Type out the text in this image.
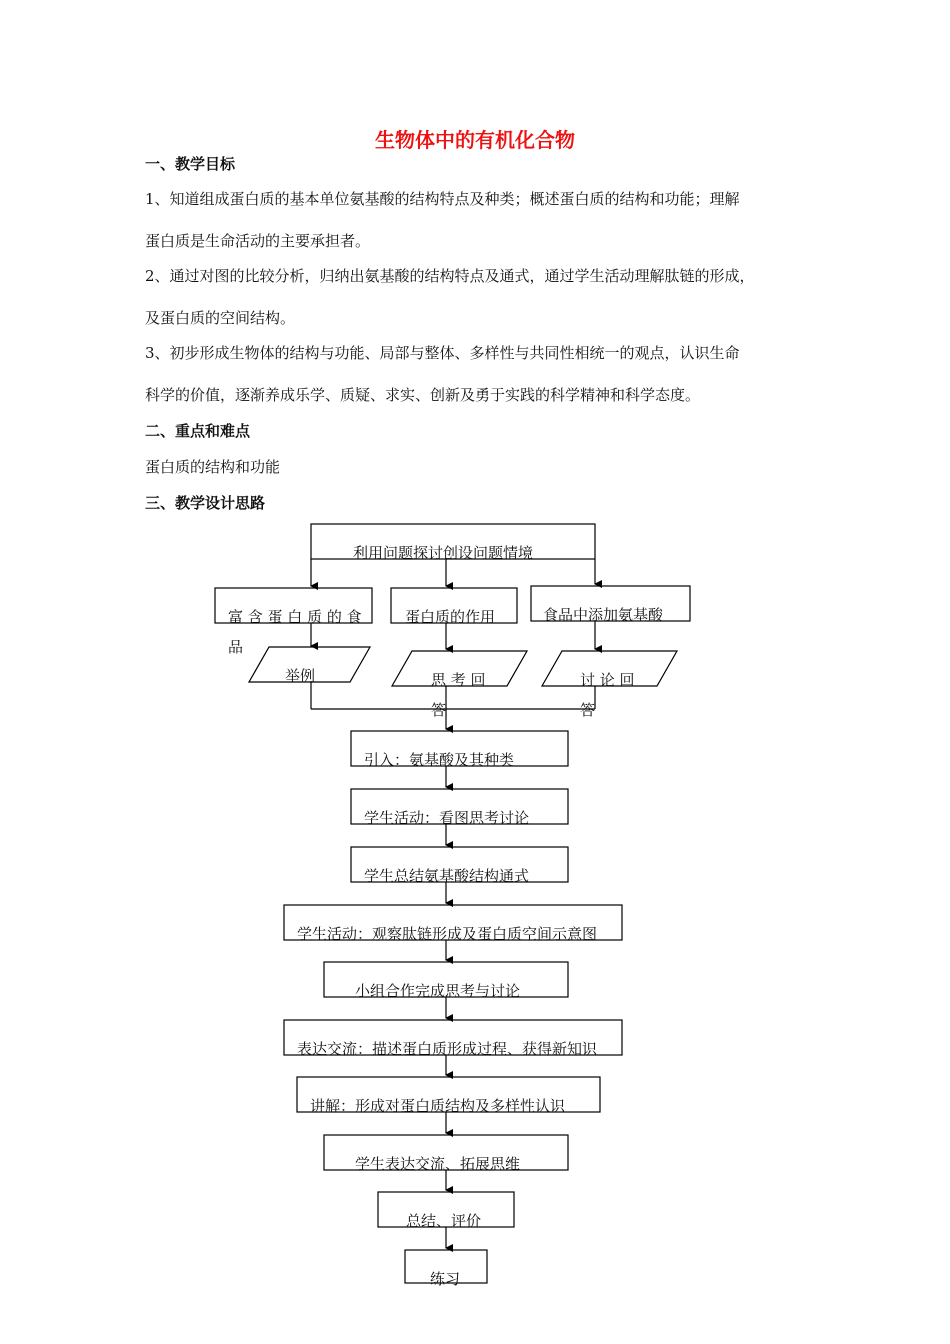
生物体中的有机化合物
一、教学目标
1、知道组成蛋白质的基本单位氨基酸的结构特点及种类；概述蛋白质的结构和功能；理解
蛋白质是生命活动的主要承担者。
2、通过对图的比较分析，归纳出氨基酸的结构特点及通式，通过学生活动理解肽链的形成，
及蛋白质的空间结构。
3、初步形成生物体的结构与功能、局部与整体、多样性与共同性相统一的观点，认识生命
科学的价值，逐渐养成乐学、质疑、求实、创新及勇于实践的科学精神和科学态度。
二、重点和难点
蛋白质的结构和功能
三、教学设计思路
利用问题探讨创设问题情境
富 含 蛋 白 质 的 食 品
蛋白质的作用	食品中添加氨基酸
举例	思 考 回 答
讨 论 回 答
引入：氨基酸及其种类
学生活动：看图思考讨论
学生总结氨基酸结构通式
学生活动：观察肽链形成及蛋白质空间示意图
小组合作完成思考与讨论
表达交流：描述蛋白质形成过程、获得新知识
讲解：形成对蛋白质结构及多样性认识
学生表达交流、拓展思维
总结、评价
练习
